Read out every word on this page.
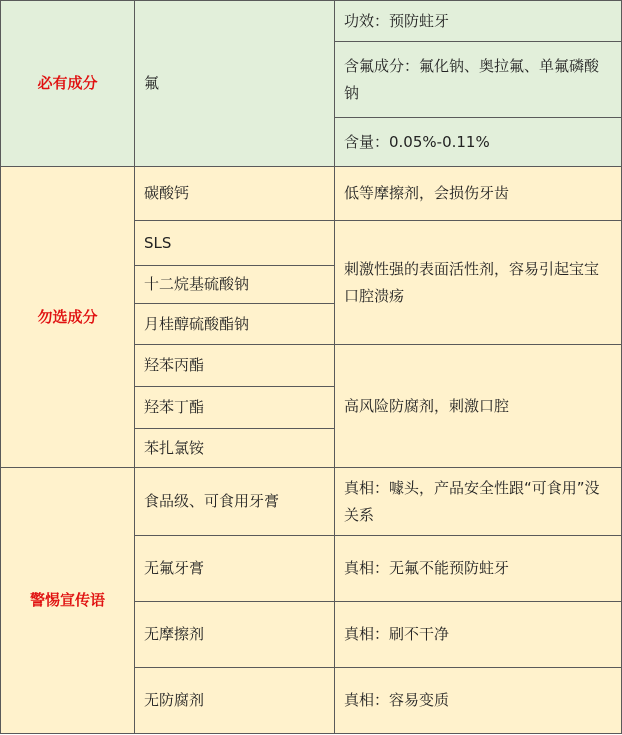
必有成分	氟	功效：预防蛀牙
		含氟成分：氟化钠、奥拉氟、单氟磷酸钠
		含量：0.05%-0.11%
勿选成分	碳酸钙	低等摩擦剂，会损伤牙齿
	SLS	刺激性强的表面活性剂，容易引起宝宝口腔溃疡
	十二烷基硫酸钠	
	月桂醇硫酸酯钠	
	羟苯丙酯	高风险防腐剂，刺激口腔
	羟苯丁酯	
	苯扎氯铵	
警惕宣传语	食品级、可食用牙膏	真相：噱头，产品安全性跟“可食用”没关系
	无氟牙膏	真相：无氟不能预防蛀牙
	无摩擦剂	真相：刷不干净
	无防腐剂	真相：容易变质
